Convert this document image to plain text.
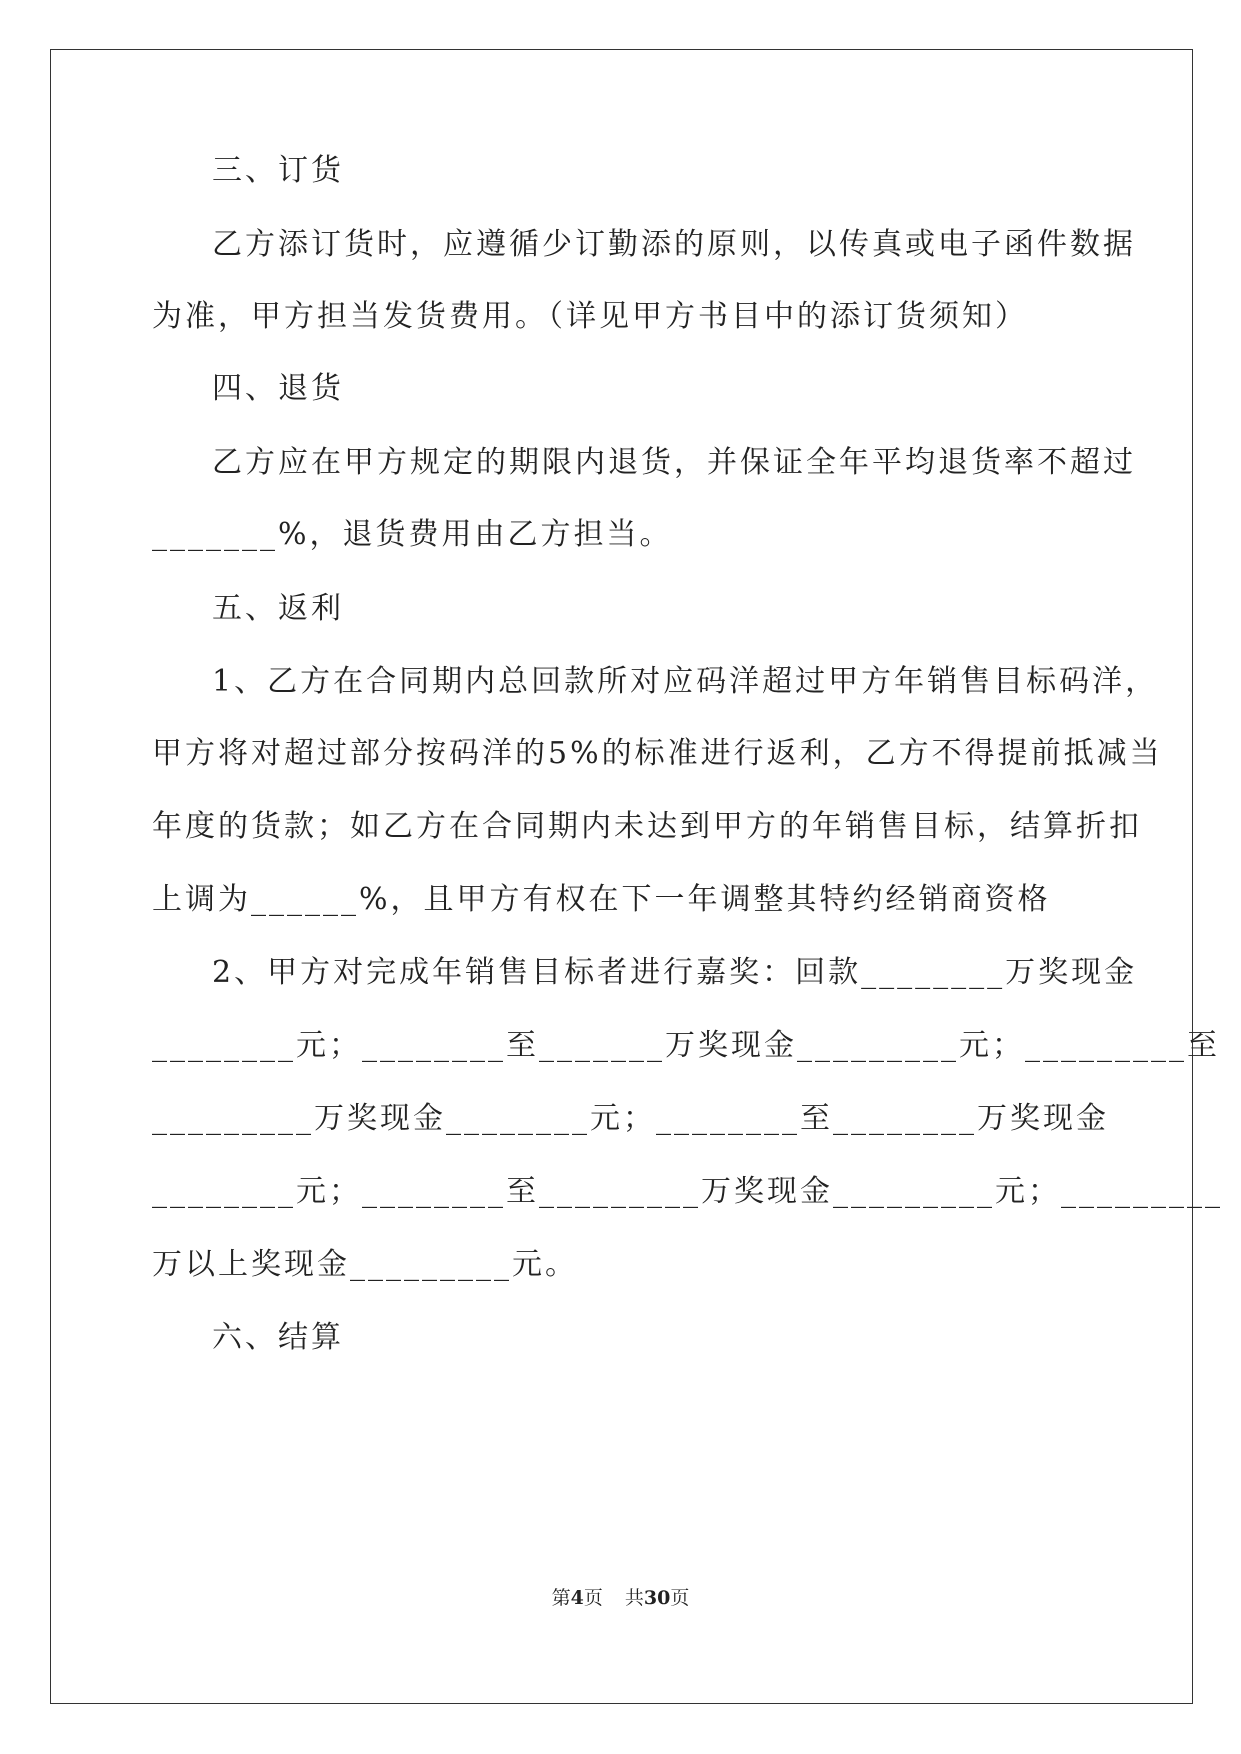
三、订货
乙方添订货时，应遵循少订勤添的原则，以传真或电子函件数据
为准，甲方担当发货费用。（详见甲方书目中的添订货须知）
四、退货
乙方应在甲方规定的期限内退货，并保证全年平均退货率不超过
_______%，退货费用由乙方担当。
五、返利
1、乙方在合同期内总回款所对应码洋超过甲方年销售目标码洋，
甲方将对超过部分按码洋的5%的标准进行返利，乙方不得提前抵减当
年度的货款；如乙方在合同期内未达到甲方的年销售目标，结算折扣
上调为______%，且甲方有权在下一年调整其特约经销商资格
2、甲方对完成年销售目标者进行嘉奖：回款________万奖现金
________元；________至_______万奖现金_________元；_________至
_________万奖现金________元；________至________万奖现金
________元；________至_________万奖现金_________元；_________
万以上奖现金_________元。
六、结算
第4页 共30页
